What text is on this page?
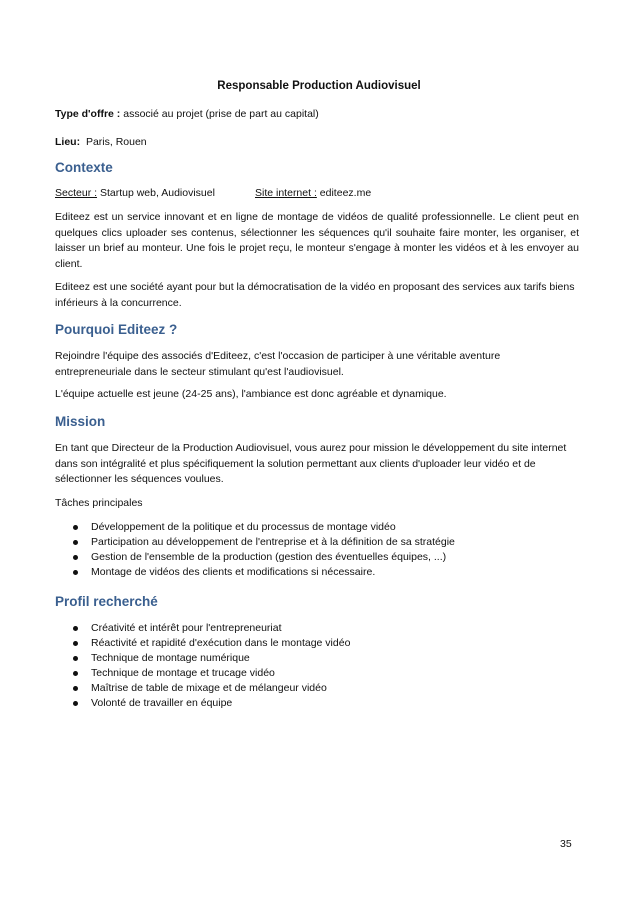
Responsable Production Audiovisuel
Type d'offre : associé au projet (prise de part au capital)
Lieu: Paris, Rouen
Contexte
Secteur : Startup web, Audiovisuel	Site internet : editeez.me
Editeez est un service innovant et en ligne de montage de vidéos de qualité professionnelle. Le client peut en quelques clics uploader ses contenus, sélectionner les séquences qu'il souhaite faire monter, les organiser, et laisser un brief au monteur. Une fois le projet reçu, le monteur s'engage à monter les vidéos et à les envoyer au client.
Editeez est une société ayant pour but la démocratisation de la vidéo en proposant des services aux tarifs biens inférieurs à la concurrence.
Pourquoi Editeez ?
Rejoindre l'équipe des associés d'Editeez, c'est l'occasion de participer à une véritable aventure entrepreneuriale dans le secteur stimulant qu'est l'audiovisuel.
L'équipe actuelle est jeune (24-25 ans), l'ambiance est donc agréable et dynamique.
Mission
En tant que Directeur de la Production Audiovisuel, vous aurez pour mission le développement du site internet dans son intégralité et plus spécifiquement la solution permettant aux clients d'uploader leur vidéo et de sélectionner les séquences voulues.
Tâches principales
Développement de la politique et du processus de montage vidéo
Participation au développement de l'entreprise et à la définition de sa stratégie
Gestion de l'ensemble de la production (gestion des éventuelles équipes, ...)
Montage de vidéos des clients et modifications si nécessaire.
Profil recherché
Créativité et intérêt pour l'entrepreneuriat
Réactivité et rapidité d'exécution dans le montage vidéo
Technique de montage numérique
Technique de montage et trucage vidéo
Maîtrise de table de mixage et de mélangeur vidéo
Volonté de travailler en équipe
35
